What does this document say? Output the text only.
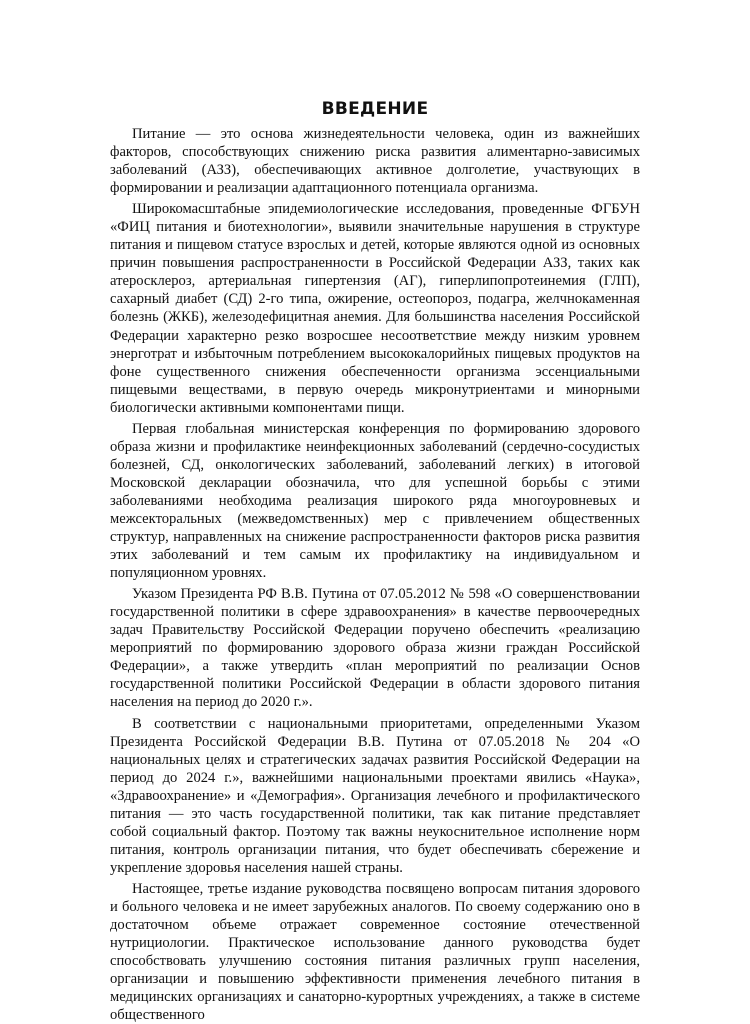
ВВЕДЕНИЕ

Питание — это основа жизнедеятельности человека, один из важнейших факторов, способствующих снижению риска развития алиментарно-зависимых заболеваний (АЗЗ), обеспечивающих активное долголетие, участвующих в формировании и реализации адаптационного потенциала организма.

Широкомасштабные эпидемиологические исследования, проведенные ФГБУН «ФИЦ питания и биотехнологии», выявили значительные нарушения в структуре питания и пищевом статусе взрослых и детей, которые являются одной из основных причин повышения распространенности в Российской Федерации АЗЗ, таких как атеросклероз, артериальная гипертензия (АГ), гиперлипопротеинемия (ГЛП), сахарный диабет (СД) 2-го типа, ожирение, остеопороз, подагра, желчнокаменная болезнь (ЖКБ), железодефицитная анемия. Для большинства населения Российской Федерации характерно резко возросшее несоответствие между низким уровнем энерготрат и избыточным потреблением высококалорийных пищевых продуктов на фоне существенного снижения обеспеченности организма эссенциальными пищевыми веществами, в первую очередь микронутриентами и минорными биологически активными компонентами пищи.

Первая глобальная министерская конференция по формированию здорового образа жизни и профилактике неинфекционных заболеваний (сердечно-сосудистых болезней, СД, онкологических заболеваний, заболеваний легких) в итоговой Московской декларации обозначила, что для успешной борьбы с этими заболеваниями необходима реализация широкого ряда многоуровневых и межсекторальных (межведомственных) мер с привлечением общественных структур, направленных на снижение распространенности факторов риска развития этих заболеваний и тем самым их профилактику на индивидуальном и популяционном уровнях.

Указом Президента РФ В.В. Путина от 07.05.2012 № 598 «О совершенствовании государственной политики в сфере здравоохранения» в качестве первоочередных задач Правительству Российской Федерации поручено обеспечить «реализацию мероприятий по формированию здорового образа жизни граждан Российской Федерации», а также утвердить «план мероприятий по реализации Основ государственной политики Российской Федерации в области здорового питания населения на период до 2020 г.».

В соответствии с национальными приоритетами, определенными Указом Президента Российской Федерации В.В. Путина от 07.05.2018 № 204 «О национальных целях и стратегических задачах развития Российской Федерации на период до 2024 г.», важнейшими национальными проектами явились «Наука», «Здравоохранение» и «Демография». Организация лечебного и профилактического питания — это часть государственной политики, так как питание представляет собой социальный фактор. Поэтому так важны неукоснительное исполнение норм питания, контроль организации питания, что будет обеспечивать сбережение и укрепление здоровья населения нашей страны.

Настоящее, третье издание руководства посвящено вопросам питания здорового и больного человека и не имеет зарубежных аналогов. По своему содержанию оно в достаточном объеме отражает современное состояние отечественной нутрициологии. Практическое использование данного руководства будет способствовать улучшению состояния питания различных групп населения, организации и повышению эффективности применения лечебного питания в медицинских организациях и санаторно-курортных учреждениях, а также в системе общественного
